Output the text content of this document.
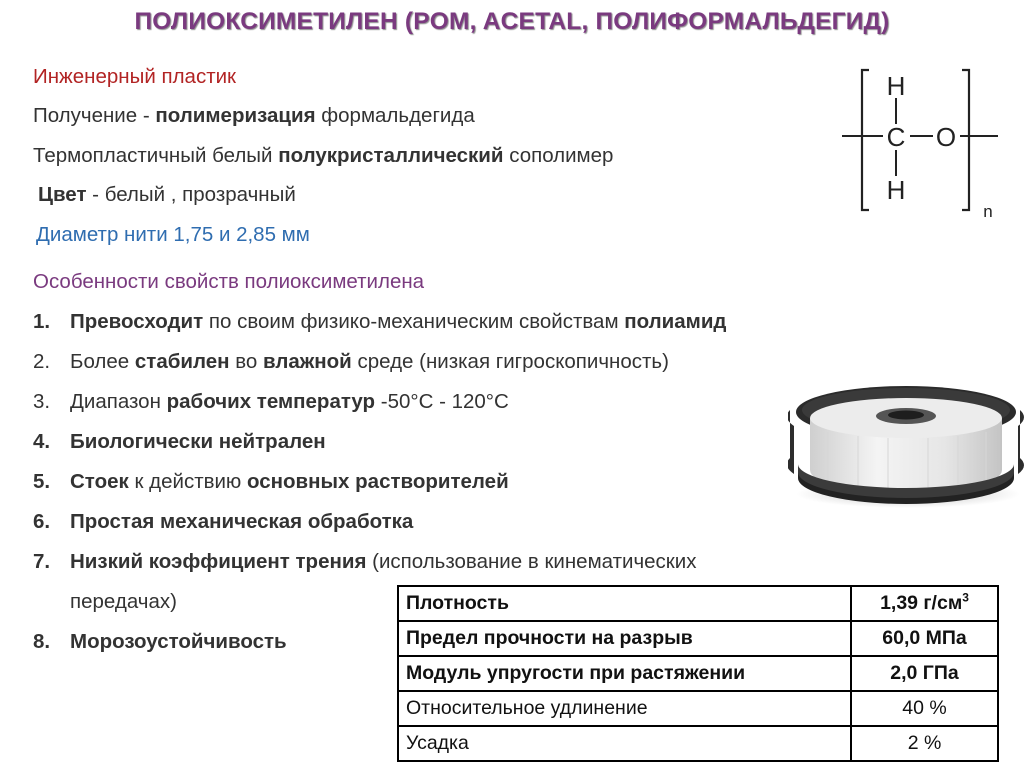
ПОЛИОКСИМЕТИЛЕН (POM, ACETAL, ПОЛИФОРМАЛЬДЕГИД)
Инженерный пластик
Получение - полимеризация формальдегида
Термопластичный белый полукристаллический сополимер
Цвет - белый , прозрачный
Диаметр нити 1,75 и 2,85 мм
H
C O
H
n
Особенности свойств полиоксиметилена
1. Превосходит по своим физико-механическим свойствам полиамид
2. Более стабилен во влажной среде (низкая гигроскопичность)
3. Диапазон рабочих температур -50°С - 120°С
4. Биологически нейтрален
5. Стоек к действию основных растворителей
6. Простая механическая обработка
7. Низкий коэффициент трения (использование в кинематических
передачах)
8. Морозоустойчивость
Плотность	1,39 $г/см^3$
Предел прочности на разрыв	60,0 МПа
Модуль упругости при растяжении	2,0 ГПа
Относительное удлинение	40 %
Усадка	2 %
